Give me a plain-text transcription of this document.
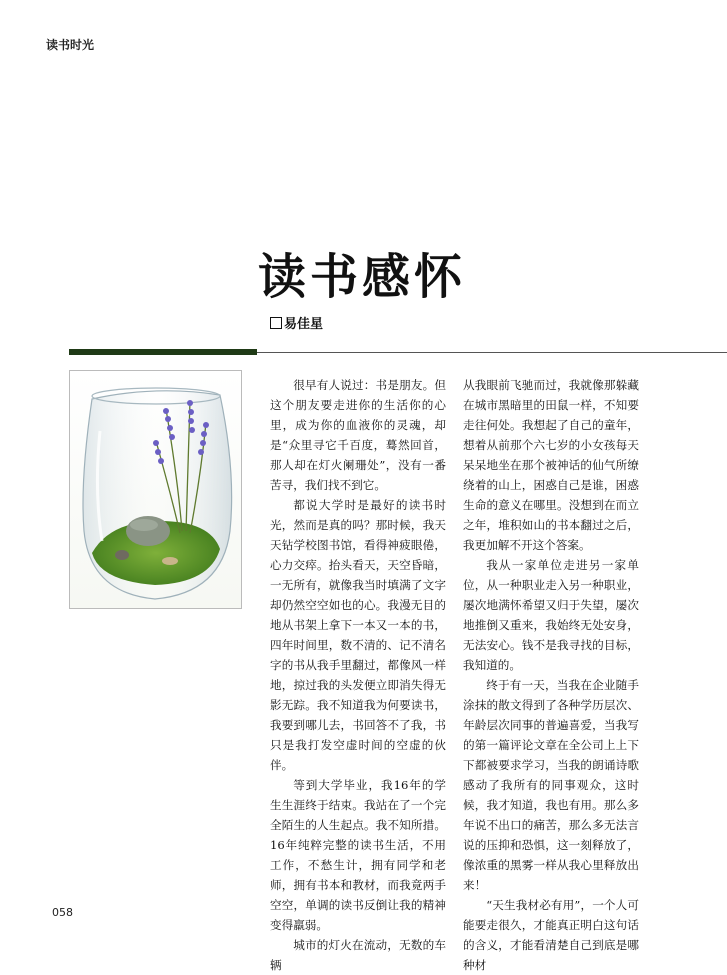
读书时光
读书感怀
易佳星

很早有人说过：书是朋友。但这个朋友要走进你的生活你的心里，成为你的血液你的灵魂，却是“众里寻它千百度，蓦然回首，那人却在灯火阑珊处”，没有一番苦寻，我们找不到它。

都说大学时是最好的读书时光，然而是真的吗？那时候，我天天钻学校图书馆，看得神疲眼倦，心力交瘁。抬头看天，天空昏暗，一无所有，就像我当时填满了文字却仍然空空如也的心。我漫无目的地从书架上拿下一本又一本的书，四年时间里，数不清的、记不清名字的书从我手里翻过，都像风一样地，掠过我的头发便立即消失得无影无踪。我不知道我为何要读书，我要到哪儿去，书回答不了我，书只是我打发空虚时间的空虚的伙伴。

等到大学毕业，我16年的学生生涯终于结束。我站在了一个完全陌生的人生起点。我不知所措。16年纯粹完整的读书生活，不用工作，不愁生计，拥有同学和老师，拥有书本和教材，而我竟两手空空，单调的读书反倒让我的精神变得羸弱。

城市的灯火在流动，无数的车辆

从我眼前飞驰而过，我就像那躲藏在城市黑暗里的田鼠一样，不知要走往何处。我想起了自己的童年，想着从前那个六七岁的小女孩每天呆呆地坐在那个被神话的仙气所缭绕着的山上，困惑自己是谁，困惑生命的意义在哪里。没想到在而立之年，堆积如山的书本翻过之后，我更加解不开这个答案。

我从一家单位走进另一家单位，从一种职业走入另一种职业，屡次地满怀希望又归于失望，屡次地推倒又重来，我始终无处安身，无法安心。钱不是我寻找的目标，我知道的。

终于有一天，当我在企业随手涂抹的散文得到了各种学历层次、年龄层次同事的普遍喜爱，当我写的第一篇评论文章在全公司上上下下都被要求学习，当我的朗诵诗歌感动了我所有的同事观众，这时候，我才知道，我也有用。那么多年说不出口的痛苦，那么多无法言说的压抑和恐惧，这一刻释放了，像浓重的黑雾一样从我心里释放出来！

“天生我材必有用”，一个人可能要走很久，才能真正明白这句话的含义，才能看清楚自己到底是哪种材

058
